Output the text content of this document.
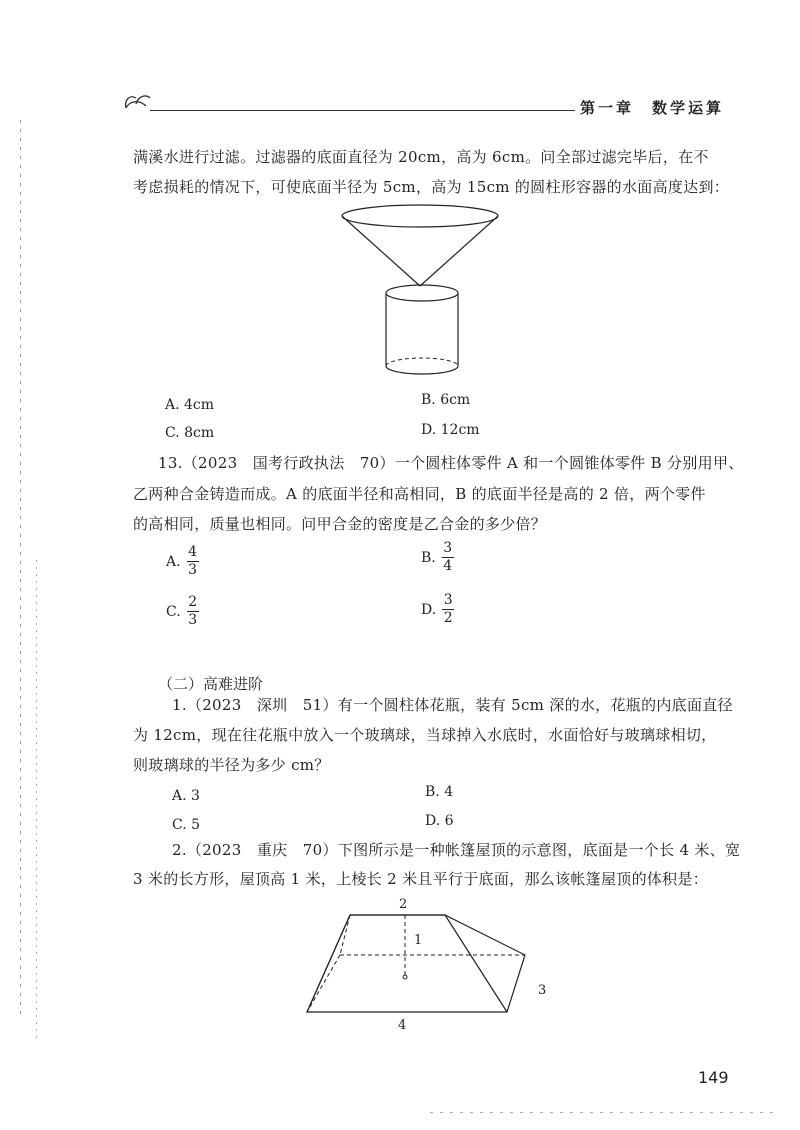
第一章　数学运算
满溪水进行过滤。过滤器的底面直径为 20cm，高为 6cm。问全部过滤完毕后，在不
考虑损耗的情况下，可使底面半径为 5cm，高为 15cm 的圆柱形容器的水面高度达到：
A. 4cm	B. 6cm
C. 8cm	D. 12cm
13.（2023　国考行政执法　70）一个圆柱体零件 A 和一个圆锥体零件 B 分别用甲、
乙两种合金铸造而成。A 的底面半径和高相同，B 的底面半径是高的 2 倍，两个零件
的高相同，质量也相同。问甲合金的密度是乙合金的多少倍？
A.
4
3
B.
3
4
C.
2
3
D.
3
2
（二）高难进阶
1.（2023　深圳　51）有一个圆柱体花瓶，装有 5cm 深的水，花瓶的内底面直径
为 12cm，现在往花瓶中放入一个玻璃球，当球掉入水底时，水面恰好与玻璃球相切，
则玻璃球的半径为多少 cm？
A. 3	B. 4
C. 5	D. 6
2.（2023　重庆　70）下图所示是一种帐篷屋顶的示意图，底面是一个长 4 米、宽
3 米的长方形，屋顶高 1 米，上棱长 2 米且平行于底面，那么该帐篷屋顶的体积是：
2
1
3
4
149
